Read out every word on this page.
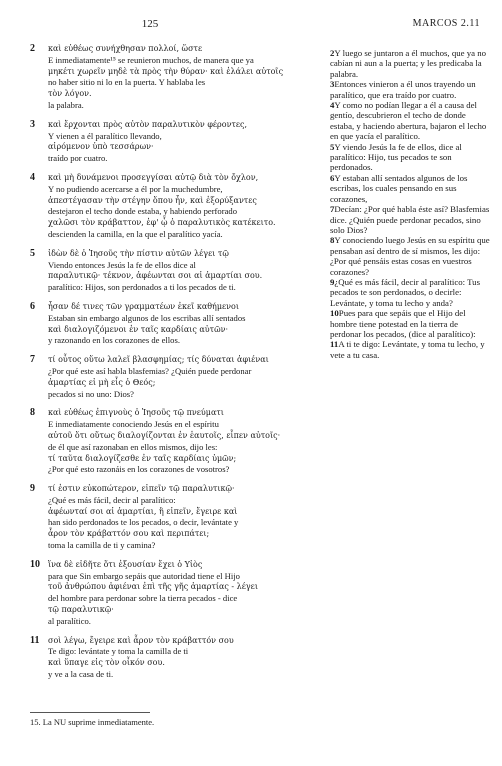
125	MARCOS 2.11
2 καὶ εὐθέως συνήχθησαν πολλοί, ὥστε
E inmediatamente¹⁵ se reunieron muchos, de manera que ya
μηκέτι χωρεῖν μηδὲ τὰ πρὸς τὴν θύραν· καὶ ἐλάλει αὐτοῖς
no haber sitio ni lo en la puerta. Y hablaba les
τὸν λόγον.
la palabra.
3 καὶ ἔρχονται πρὸς αὐτὸν παραλυτικὸν φέροντες,
Y vienen a él paralítico llevando,
αἰρόμενον ὑπὸ τεσσάρων·
traído por cuatro.
4 καὶ μὴ δυνάμενοι προσεγγίσαι αὐτῷ διὰ τὸν ὄχλον,
Y no pudiendo acercarse a él por la muchedumbre,
ἀπεστέγασαν τὴν στέγην ὅπου ἦν, καὶ ἐξορύξαντες
destejaron el techo donde estaba, y habiendo perforado
χαλῶσι τὸν κράβαττον, ἐφ' ᾧ ὁ παραλυτικὸς κατέκειτο.
descienden la camilla, en la que el paralítico yacía.
5 ἰδὼν δὲ ὁ Ἰησοῦς τὴν πίστιν αὐτῶν λέγει τῷ
Viendo entonces Jesús la fe de ellos dice al
παραλυτικῷ· τέκνον, ἀφέωνται σοι αἱ ἁμαρτίαι σου.
paralítico: Hijos, son perdonados a ti los pecados de ti.
6 ἦσαν δέ τινες τῶν γραμματέων ἐκεῖ καθήμενοι
Estaban sin embargo algunos de los escribas allí sentados
καὶ διαλογιζόμενοι ἐν ταῖς καρδίαις αὐτῶν·
y razonando en los corazones de ellos.
7 τί οὗτος οὕτω λαλεῖ βλασφημίας; τίς δύναται ἀφιέναι
¿Por qué este así habla blasfemias? ¿Quién puede perdonar
ἁμαρτίας εἰ μὴ εἷς ὁ Θεός;
pecados si no uno: Dios?
8 καὶ εὐθέως ἐπιγνοὺς ὁ Ἰησοῦς τῷ πνεύματι
E inmediatamente conociendo Jesús en el espíritu
αὐτοῦ ὅτι οὕτως διαλογίζονται ἐν ἑαυτοῖς, εἶπεν αὐτοῖς·
de él que así razonaban en ellos mismos, dijo les:
τί ταῦτα διαλογίζεσθε ἐν ταῖς καρδίαις ὑμῶν;
¿Por qué esto razonáis en los corazones de vosotros?
9 τί ἐστιν εὐκοπώτερον, εἰπεῖν τῷ παραλυτικῷ·
¿Qué es más fácil, decir al paralítico:
ἀφέωνταί σοι αἱ ἁμαρτίαι, ἢ εἰπεῖν, ἔγειρε καὶ
han sido perdonados te los pecados, o decir, levántate y
ἆρον τὸν κράβαττόν σου καὶ περιπάτει;
toma la camilla de ti y camina?
10 ἵνα δὲ εἰδῆτε ὅτι ἐξουσίαν ἔχει ὁ Υἱὸς
para que Sin embargo sepáis que autoridad tiene el Hijo
τοῦ ἀνθρώπου ἀφιέναι ἐπὶ τῆς γῆς ἁμαρτίας - λέγει
del hombre para perdonar sobre la tierra pecados - dice
τῷ παραλυτικῷ·
al paralítico.
11 σοὶ λέγω, ἔγειρε καὶ ἆρον τὸν κράβαττόν σου
Te digo: levántate y toma la camilla de ti
καὶ ὕπαγε εἰς τὸν οἶκόν σου.
y ve a la casa de ti.

2Y luego se juntaron a él muchos, que ya no cabían ni aun a la puerta; y les predicaba la palabra.

3Entonces vinieron a él unos trayendo un paralítico, que era traído por cuatro.

4Y como no podían llegar a él a causa del gentío, descubrieron el techo de donde estaba, y haciendo abertura, bajaron el lecho en que yacía el paralítico.

5Y viendo Jesús la fe de ellos, dice al paralítico: Hijo, tus pecados te son perdonados.

6Y estaban allí sentados algunos de los escribas, los cuales pensando en sus corazones,

7Decían: ¿Por qué habla éste así? Blasfemias dice. ¿Quién puede perdonar pecados, sino solo Dios?

8Y conociendo luego Jesús en su espíritu que pensaban así dentro de sí mismos, les dijo: ¿Por qué pensáis estas cosas en vuestros corazones?

9¿Qué es más fácil, decir al paralítico: Tus pecados te son perdonados, o decirle: Levántate, y toma tu lecho y anda?

10Pues para que sepáis que el Hijo del hombre tiene potestad en la tierra de perdonar los pecados, (dice al paralítico):

11A ti te digo: Levántate, y toma tu lecho, y vete a tu casa.

15. La NU suprime inmediatamente.
